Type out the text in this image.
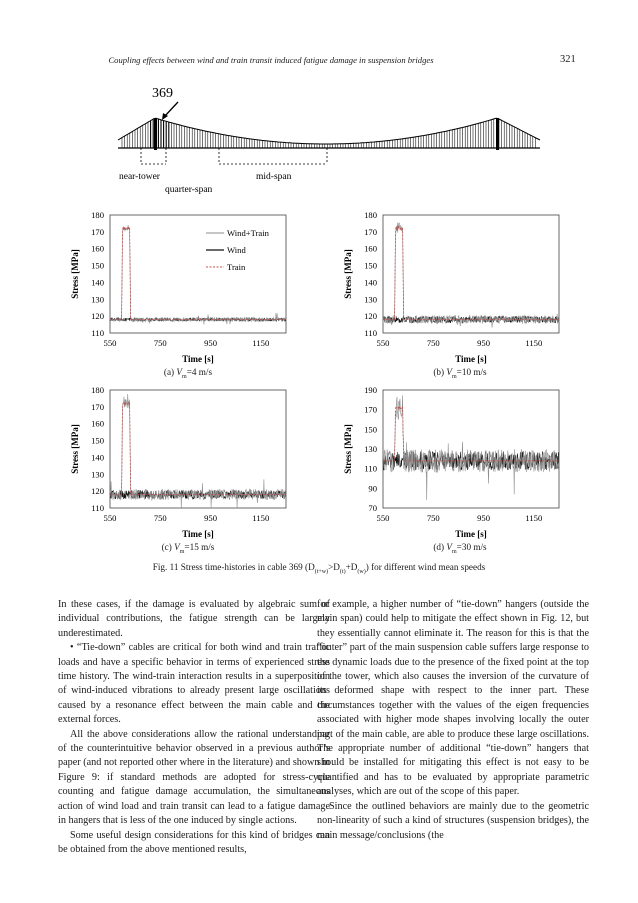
Coupling effects between wind and train transit induced fatigue damage in suspension bridges	321
369
near-tower
quarter-span
mid-span
110
120
130
140
150
160
170
180
550	750	950	1150
Time [s]
Stress [MPa]
Wind+Train
Wind
Train
110
120
130
140
150
160
170
180
550	750	950	1150
Time [s]
Stress [MPa]
110
120
130
140
150
160
170
180
550	750	950	1150
Time [s]
Stress [MPa]
70
90
110
130
150
170
190
550	750	950	1150
Time [s]
Stress [MPa]
(a) $V_m=4$ m/s	(b) $V_m=10$ m/s
(c) $V_m=15$ m/s	(d) $V_m=30$ m/s
Fig. 11 Stress time-histories in cable 369 $(D_{(t+w)}>D_{(t)}+D_{(w)})$ for different wind mean speeds

In these cases, if the damage is evaluated by algebraic sum of individual contributions, the fatigue strength can be largely underestimated.

• “Tie-down” cables are critical for both wind and train traffic loads and have a specific behavior in terms of experienced stress time history. The wind-train interaction results in a superposition of wind-induced vibrations to already present large oscillations caused by a resonance effect between the main cable and the external forces.

All the above considerations allow the rational understanding of the counterintuitive behavior observed in a previous author’s paper (and not reported other where in the literature) and shown in Figure 9: if standard methods are adopted for stress-cycle counting and fatigue damage accumulation, the simultaneous action of wind load and train transit can lead to a fatigue damage in hangers that is less of the one induced by single actions.

Some useful design considerations for this kind of bridges can be obtained from the above mentioned results,

for example, a higher number of “tie-down” hangers (outside the main span) could help to mitigate the effect shown in Fig. 12, but they essentially cannot eliminate it. The reason for this is that the “outer” part of the main suspension cable suffers large response to the dynamic loads due to the presence of the fixed point at the top of the tower, which also causes the inversion of the curvature of its deformed shape with respect to the inner part. These circumstances together with the values of the eigen frequencies associated with higher mode shapes involving locally the outer part of the main cable, are able to produce these large oscillations. The appropriate number of additional “tie-down” hangers that should be installed for mitigating this effect is not easy to be quantified and has to be evaluated by appropriate parametric analyses, which are out of the scope of this paper.

Since the outlined behaviors are mainly due to the geometric non-linearity of such a kind of structures (suspension bridges), the main message/conclusions (the
